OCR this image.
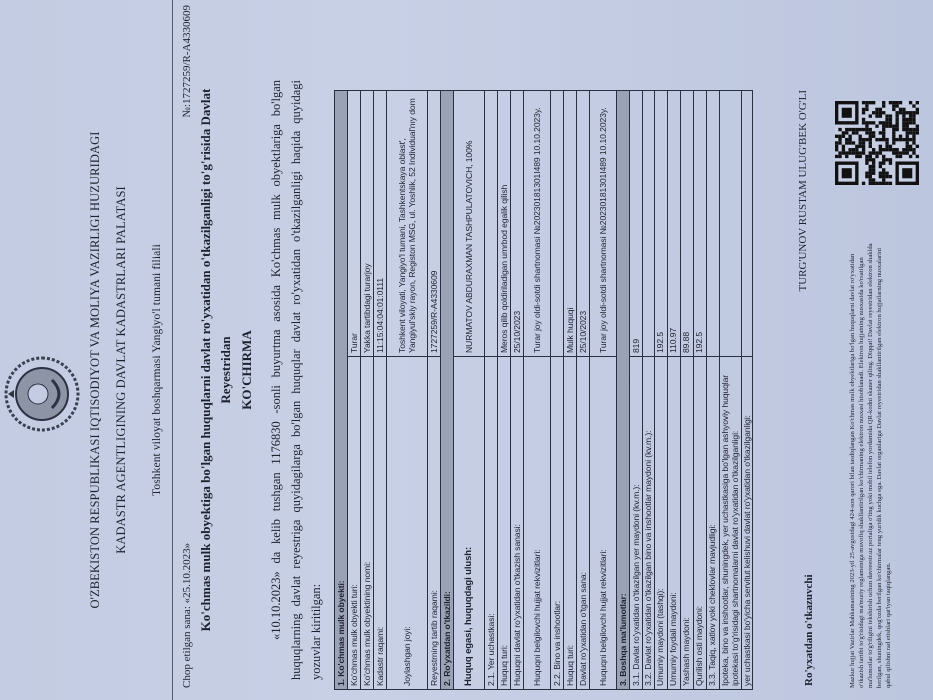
O'ZBEKISTON RESPUBLIKASI IQTISODIYOT VA MOLIYA VAZIRLIGI HUZURIDAGI KADASTR AGENTLIGINING DAVLAT KADASTRLARI PALATASI Toshkent viloyat boshqarmasi Yangiyo'l tumani filiali
Chop etilgan sana: «25.10.2023»
№:1727259/R-A4330609
Ko'chmas mulk obyektiga bo'lgan huquqlarni davlat ro'yxatidan o'tkazilganligi to'g'risida Davlat Reyestridan KO'CHIRMA «10.10.2023» da kelib tushgan 1176830 -sonli buyurtma asosida Ko'chmas mulk obyektlariga bo'lgan huquqlarning davlat reyestriga quyidagilarga bo'lgan huquqlar davlat ro'yxatidan o'tkazilganligi haqida quyidagi yozuvlar kiritilgan:	1. Ko'chmas mulk obyekti:	
Ko'chmas mulk obyekti turi:	Turar
Ko'chmas mulk obyektining nomi:	Yakka tartibdagi turarjoy
Kadastr raqami:	11:15:04:04:01:0111
Joylashgan joyi:	Toshkent viloyati, Yangiyo'l tumani, Tashkentskaya oblast', Yangiyul'skiy rayon, Registon MSG, ul. Yoshlik, 52 Individual'nıy dom
Reyestrning tartib raqami:	1727259/R-A4330609
2. Ro'yxatdan o'tkazildi:	
Huquq egasi, huquqdagi ulush:	NURMATOV ABDURAXMAN TASHPULATOVICH, 100%
2.1. Yer uchastkasi:	
Huquq turi:	Meros qilib qoldiriladigan umrbod egalik qilish
Huquqni davlat ro'yxatidan o'tkazish sanasi:	25/10/2023
Huquqni belgilovchi hujjat rekvizitlari:	Turar joy oldi-sotdi shartnomasi №20230181301I489 10.10.2023y.
2.2. Bino va inshootlar:	
Huquq turi:	Mulk huquqi
Davlat ro'yxatidan o'tgan sana:	25/10/2023
Huquqni belgilovchi hujjat rekvizitlari:	Turar joy oldi-sotdi shartnomasi №20230181301I489 10.10.2023y.
3. Boshqa ma'lumotlar:	
3.1. Davlat ro'yxatidan o'tkazilgan yer maydoni (kv.m.):	819
3.2. Davlat ro'yxatidan o'tkazilgan bino va inshootlar maydoni (kv.m.):	
Umumiy maydoni (tashqi):	192.5
Umumiy foydali maydoni:	110.97
Yashash maydoni:	89.88
Qurilish osti maydoni:	192.5
3.3. Taqiq, xatlov yoki cheklovlar mavjudligi:	
Ipoteka, bino va inshootlar, shuningdek, yer uchastkasiga bo'lgan ashyoviy huquqlar ipotekasi to'g'risidagi shartnomalarni davlat ro'yxatidan o'tkazilganligi:	
yer uchastkasi bo'yicha servitut kelishuvi davlat ro'yxatidan o'tkazilganligi:		Ro'yxatdan o'tkazuvchi
TURG'UNOV RUSTAM ULUG'BEK O'G'LI
Mazkur hujjat Vazirlar Mahkamasining 2023-yil 25-avgustdagi 424-son qarori bilan tasdiqlangan Ko'chmas mulk obyektlariga bo'lgan huquqlarni davlat ro'yxatidan o'tkazish tartibi to'g'risidagi ma'muriy reglamentga muvofiq shakllantirilgan ko'chirmaning elektron nusxasi hisoblanadi. Elektron hujjatning nusxasida ko'rsatilgan ma'lumotlar to'g'riligini tekshirish uchun davreestr.uz portaliga o'ting yoki mobil telefon yordamida QR-kodni skaner qiling. Diqqat! Davlat reyestridan elektron shaklda berilgan, shuningdek, qog'ozda berilgan ko'chirmalar teng yuridik kuchga ega. Davlat organlariga Davlat reyestridan shakllantirilgan elektron hujjatlarning nusxalarini qabul qilishni rad etishlari qat'iyan taqiqlangan.
